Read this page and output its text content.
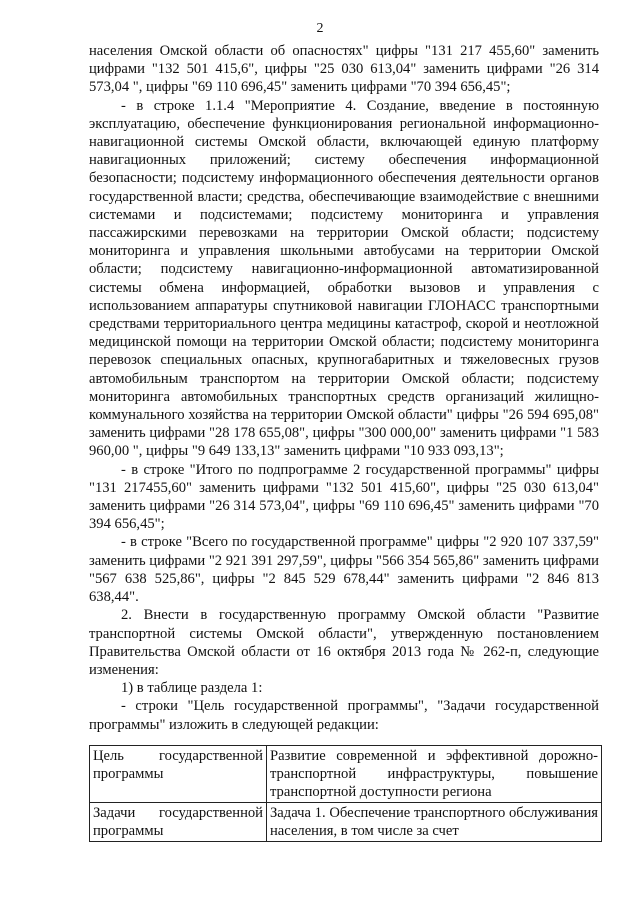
2

населения Омской области об опасностях" цифры "131 217 455,60" заменить цифрами "132 501 415,6", цифры "25 030 613,04" заменить цифрами "26 314 573,04 ", цифры "69 110 696,45" заменить цифрами "70 394 656,45";

- в строке 1.1.4 "Мероприятие 4. Создание, введение в постоянную эксплуатацию, обеспечение функционирования региональной информационно-навигационной системы Омской области, включающей единую платформу навигационных приложений; систему обеспечения информационной безопасности; подсистему информационного обеспечения деятельности органов государственной власти; средства, обеспечивающие взаимодействие с внешними системами и подсистемами; подсистему мониторинга и управления пассажирскими перевозками на территории Омской области; подсистему мониторинга и управления школьными автобусами на территории Омской области; подсистему навигационно-информационной автоматизированной системы обмена информацией, обработки вызовов и управления с использованием аппаратуры спутниковой навигации ГЛОНАСС транспортными средствами территориального центра медицины катастроф, скорой и неотложной медицинской помощи на территории Омской области; подсистему мониторинга перевозок специальных опасных, крупногабаритных и тяжеловесных грузов автомобильным транспортом на территории Омской области; подсистему мониторинга автомобильных транспортных средств организаций жилищно-коммунального хозяйства на территории Омской области" цифры "26 594 695,08" заменить цифрами "28 178 655,08", цифры "300 000,00" заменить цифрами "1 583 960,00 ", цифры "9 649 133,13" заменить цифрами "10 933 093,13";

- в строке "Итого по подпрограмме 2 государственной программы" цифры "131 217455,60" заменить цифрами "132 501 415,60", цифры "25 030 613,04" заменить цифрами "26 314 573,04", цифры "69 110 696,45" заменить цифрами "70 394 656,45";

- в строке "Всего по государственной программе" цифры "2 920 107 337,59" заменить цифрами "2 921 391 297,59", цифры "566 354 565,86" заменить цифрами "567 638 525,86", цифры "2 845 529 678,44" заменить цифрами "2 846 813 638,44".

2. Внести в государственную программу Омской области "Развитие транспортной системы Омской области", утвержденную постановлением Правительства Омской области от 16 октября 2013 года № 262-п, следующие изменения:

1) в таблице раздела 1:

- строки "Цель государственной программы", "Задачи государственной программы" изложить в следующей редакции:

Цель государственной программы	Развитие современной и эффективной дорожно-транспортной инфраструктуры, повышение транспортной доступности региона
Задачи государственной программы	Задача 1. Обеспечение транспортного обслуживания населения, в том числе за счет
